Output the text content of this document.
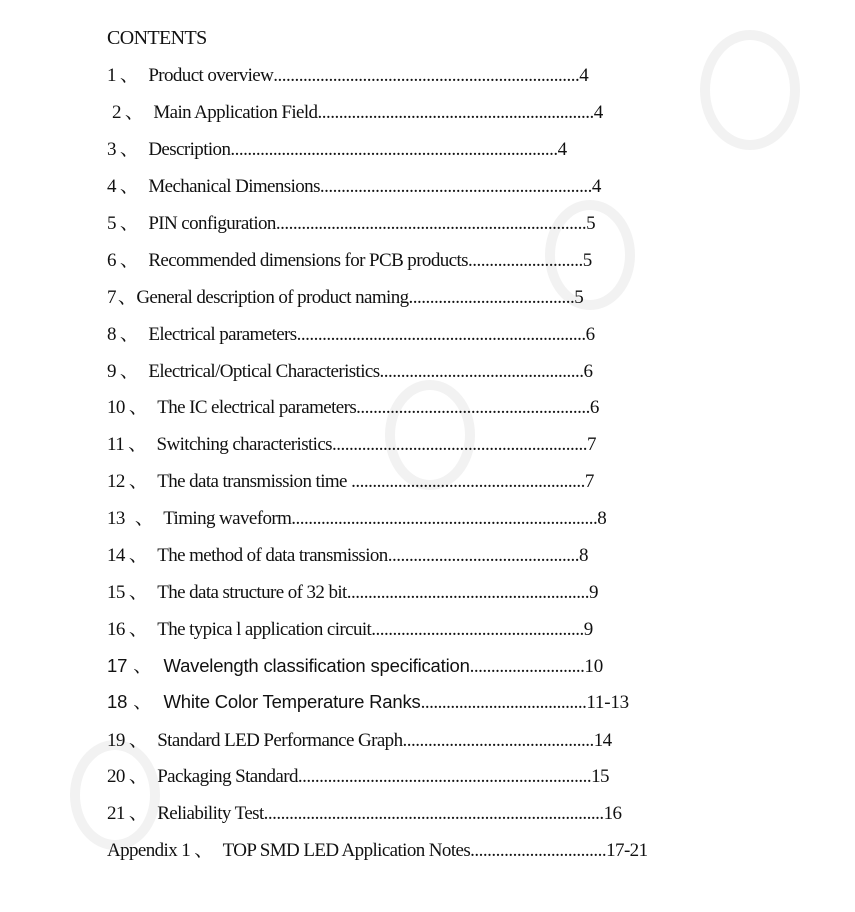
CONTENTS
1 、 Product overview........................................................................4
2 、 Main Application Field.................................................................4
3 、 Description.............................................................................4
4 、 Mechanical Dimensions................................................................4
5 、 PIN configuration.........................................................................5
6 、 Recommended dimensions for PCB products...........................5
7 、General description of product naming.......................................5
8 、 Electrical parameters....................................................................6
9 、 Electrical/Optical Characteristics................................................6
10 、 The IC electrical parameters.......................................................6
11 、 Switching characteristics............................................................7
12 、 The data transmission time .......................................................7
13 、 Timing waveform........................................................................8
14 、 The method of data transmission.............................................8
15 、 The data structure of 32 bit.........................................................9
16 、 The typica l application circuit..................................................9
17 、 Wavelength classification specification...........................10
18 、 White Color Temperature Ranks.......................................11-13
19 、 Standard LED Performance Graph.............................................14
20 、 Packaging Standard.....................................................................15
21 、 Reliability Test................................................................................16
Appendix 1 、 TOP SMD LED Application Notes................................17-21
